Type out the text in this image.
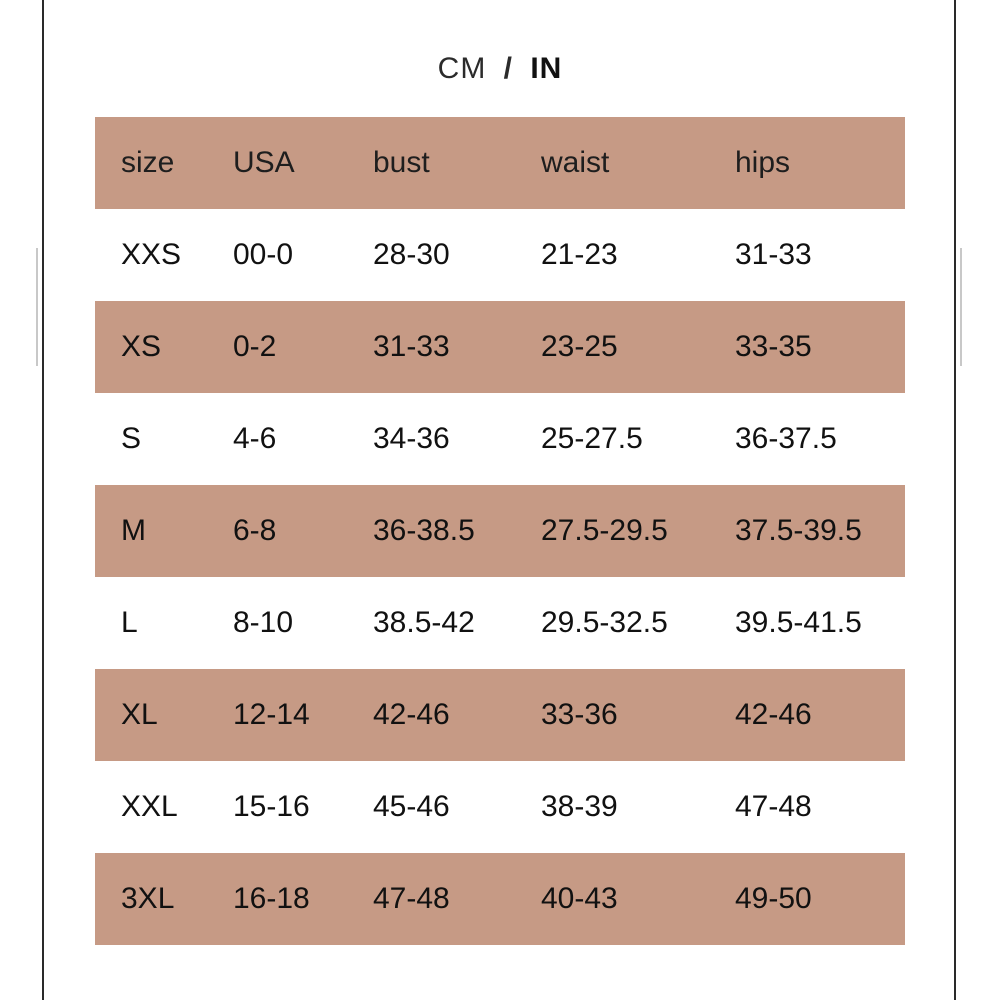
CM / IN
size USA	bust	waist	hips
XXS 00-0	28-30	21-23	31-33
XS 0-2	31-33	23-25	33-35
S	4-6	34-36	25-27.5	36-37.5
M	6-8	36-38.5 27.5-29.5 37.5-39.5
L	8-10	38.5-42 29.5-32.5 39.5-41.5
XL	12-14 42-46	33-36	42-46
XXL 15-16 45-46	38-39	47-48
3XL 16-18 47-48	40-43	49-50
